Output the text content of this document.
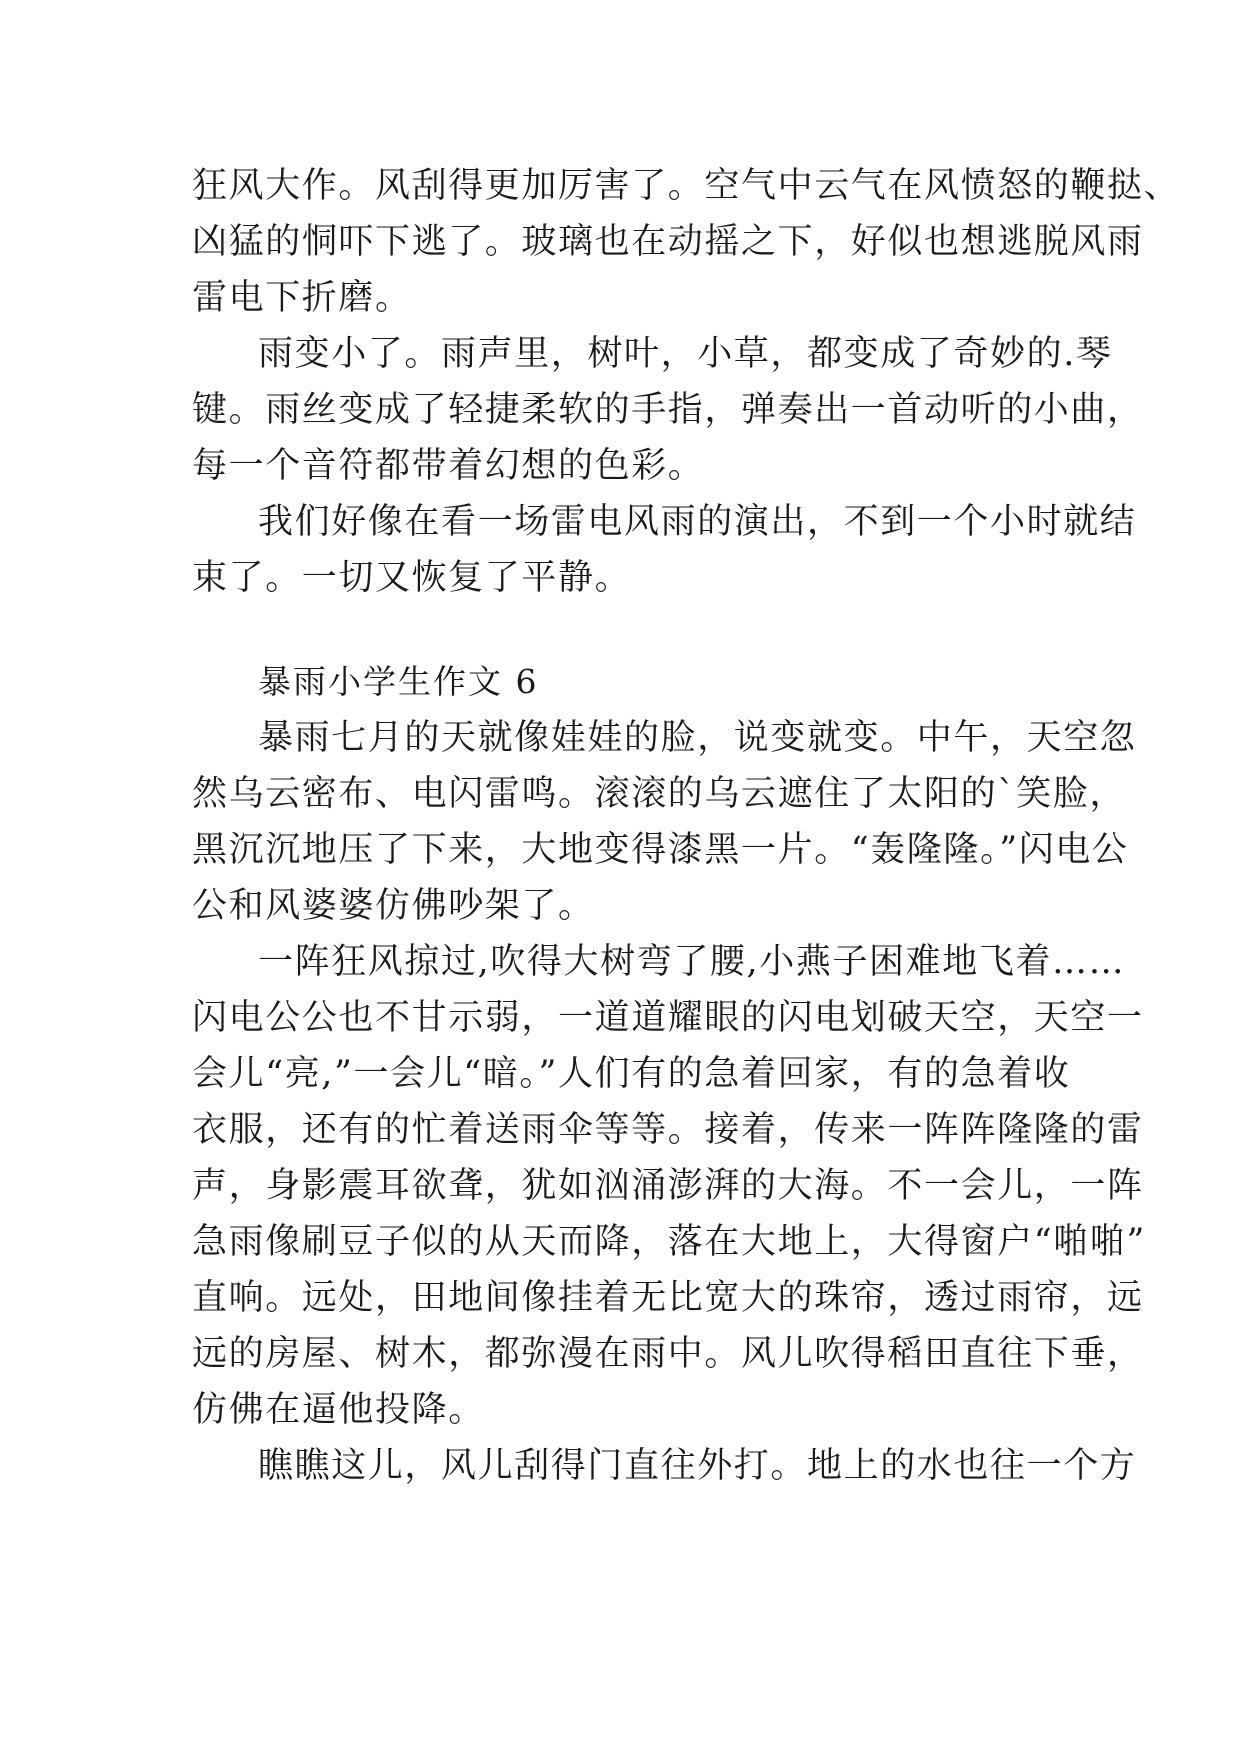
狂风大作。风刮得更加厉害了。空气中云气在风愤怒的鞭挞、
凶猛的恫吓下逃了。玻璃也在动摇之下，好似也想逃脱风雨
雷电下折磨。
雨变小了。雨声里，树叶，小草，都变成了奇妙的.琴
键。雨丝变成了轻捷柔软的手指，弹奏出一首动听的小曲，
每一个音符都带着幻想的色彩。
我们好像在看一场雷电风雨的演出，不到一个小时就结
束了。一切又恢复了平静。
暴雨小学生作文 6
暴雨七月的天就像娃娃的脸，说变就变。中午，天空忽
然乌云密布、电闪雷鸣。滚滚的乌云遮住了太阳的`笑脸，
黑沉沉地压了下来，大地变得漆黑一片。“轰隆隆。”闪电公
公和风婆婆仿佛吵架了。
一阵狂风掠过,吹得大树弯了腰,小燕子困难地飞着……
闪电公公也不甘示弱，一道道耀眼的闪电划破天空，天空一
会儿“亮,”一会儿“暗。”人们有的急着回家，有的急着收
衣服，还有的忙着送雨伞等等。接着，传来一阵阵隆隆的雷
声，身影震耳欲聋，犹如汹涌澎湃的大海。不一会儿，一阵
急雨像刷豆子似的从天而降，落在大地上，大得窗户“啪啪”
直响。远处，田地间像挂着无比宽大的珠帘，透过雨帘，远
远的房屋、树木，都弥漫在雨中。风儿吹得稻田直往下垂，
仿佛在逼他投降。
瞧瞧这儿，风儿刮得门直往外打。地上的水也往一个方
